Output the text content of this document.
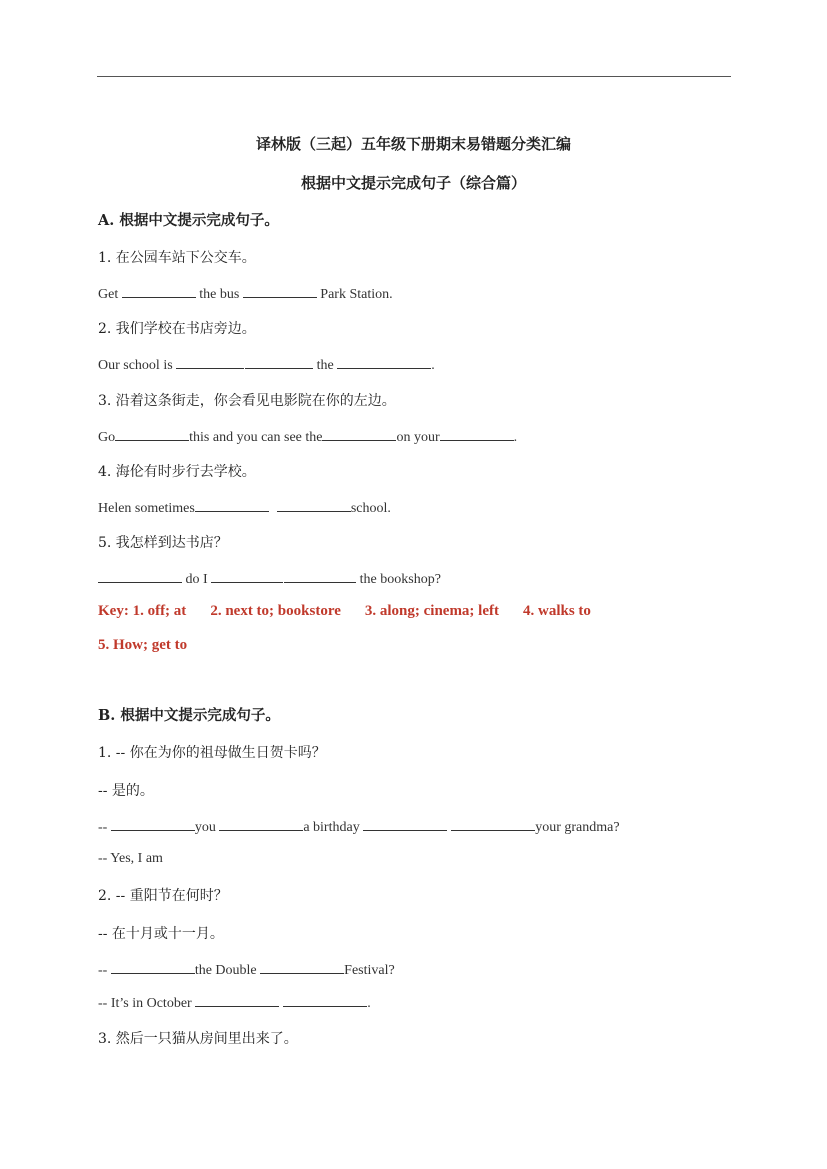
译林版（三起）五年级下册期末易错题分类汇编
根据中文提示完成句子（综合篇）
A. 根据中文提示完成句子。
1. 在公园车站下公交车。
Get	the bus	Park Station.
2. 我们学校在书店旁边。
Our school is	the	.
3. 沿着这条街走，你会看见电影院在你的左边。
Go	this and you can see the	on your	.
4. 海伦有时步行去学校。
Helen sometimes	school.
5. 我怎样到达书店？
do I	the bookshop?
Key: 1. off; at 2. next to; bookstore 3. along; cinema; left 4. walks to
5. How; get to
B. 根据中文提示完成句子。
1. -- 你在为你的祖母做生日贺卡吗？
-- 是的。
--	you	a birthday	your grandma?
-- Yes, I am
2. -- 重阳节在何时？
-- 在十月或十一月。
--	the Double	Festival?
-- It’s in October	.
3. 然后一只猫从房间里出来了。
